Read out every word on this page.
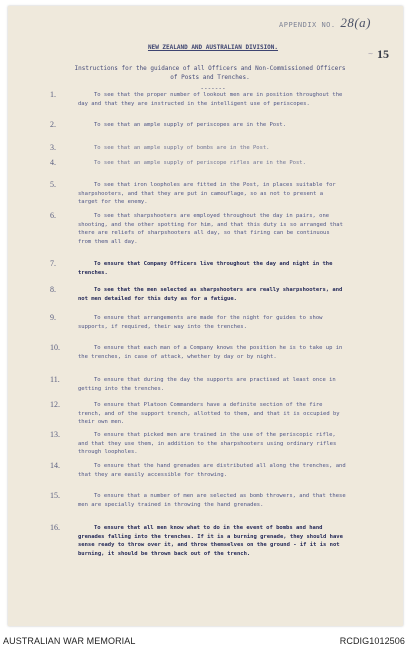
APPENDIX NO. 28(a)
~ 15
NEW ZEALAND AND AUSTRALIAN DIVISION.
Instructions for the guidance of all Officers and Non-Commissioned Officers of Posts and Trenches.
-------
1.	To see that the proper number of lookout men are in position throughout the day and that they are instructed in the intelligent use of periscopes.
2.	To see that an ample supply of periscopes are in the Post.
3.	To see that an ample supply of bombs are in the Post.
4.	To see that an ample supply of periscope rifles are in the Post.
5.	To see that iron loopholes are fitted in the Post, in places suitable for sharpshooters, and that they are put in camouflage, so as not to present a target for the enemy.
6.	To see that sharpshooters are employed throughout the day in pairs, one shooting, and the other spotting for him, and that this duty is so arranged that there are reliefs of sharpshooters all day, so that firing can be continuous from them all day.
7.	To ensure that Company Officers live throughout the day and night in the trenches.
8.	To see that the men selected as sharpshooters are really sharpshooters, and not men detailed for this duty as for a fatigue.
9.	To ensure that arrangements are made for the night for guides to show supports, if required, their way into the trenches.
10.	To ensure that each man of a Company knows the position he is to take up in the trenches, in case of attack, whether by day or by night.
11.	To ensure that during the day the supports are practised at least once in getting into the trenches.
12.	To ensure that Platoon Commanders have a definite section of the fire trench, and of the support trench, allotted to them, and that it is occupied by their own men.
13.	To ensure that picked men are trained in the use of the periscopic rifle, and that they use them, in addition to the sharpshooters using ordinary rifles through loopholes.
14.	To ensure that the hand grenades are distributed all along the trenches, and that they are easily accessible for throwing.
15.	To ensure that a number of men are selected as bomb throwers, and that these men are specially trained in throwing the hand grenades.
16.	To ensure that all men know what to do in the event of bombs and hand grenades falling into the trenches. If it is a burning grenade, they should have sense ready to throw over it, and throw themselves on the ground - if it is not burning, it should be thrown back out of the trench.
AUSTRALIAN WAR MEMORIAL	RCDIG1012506
